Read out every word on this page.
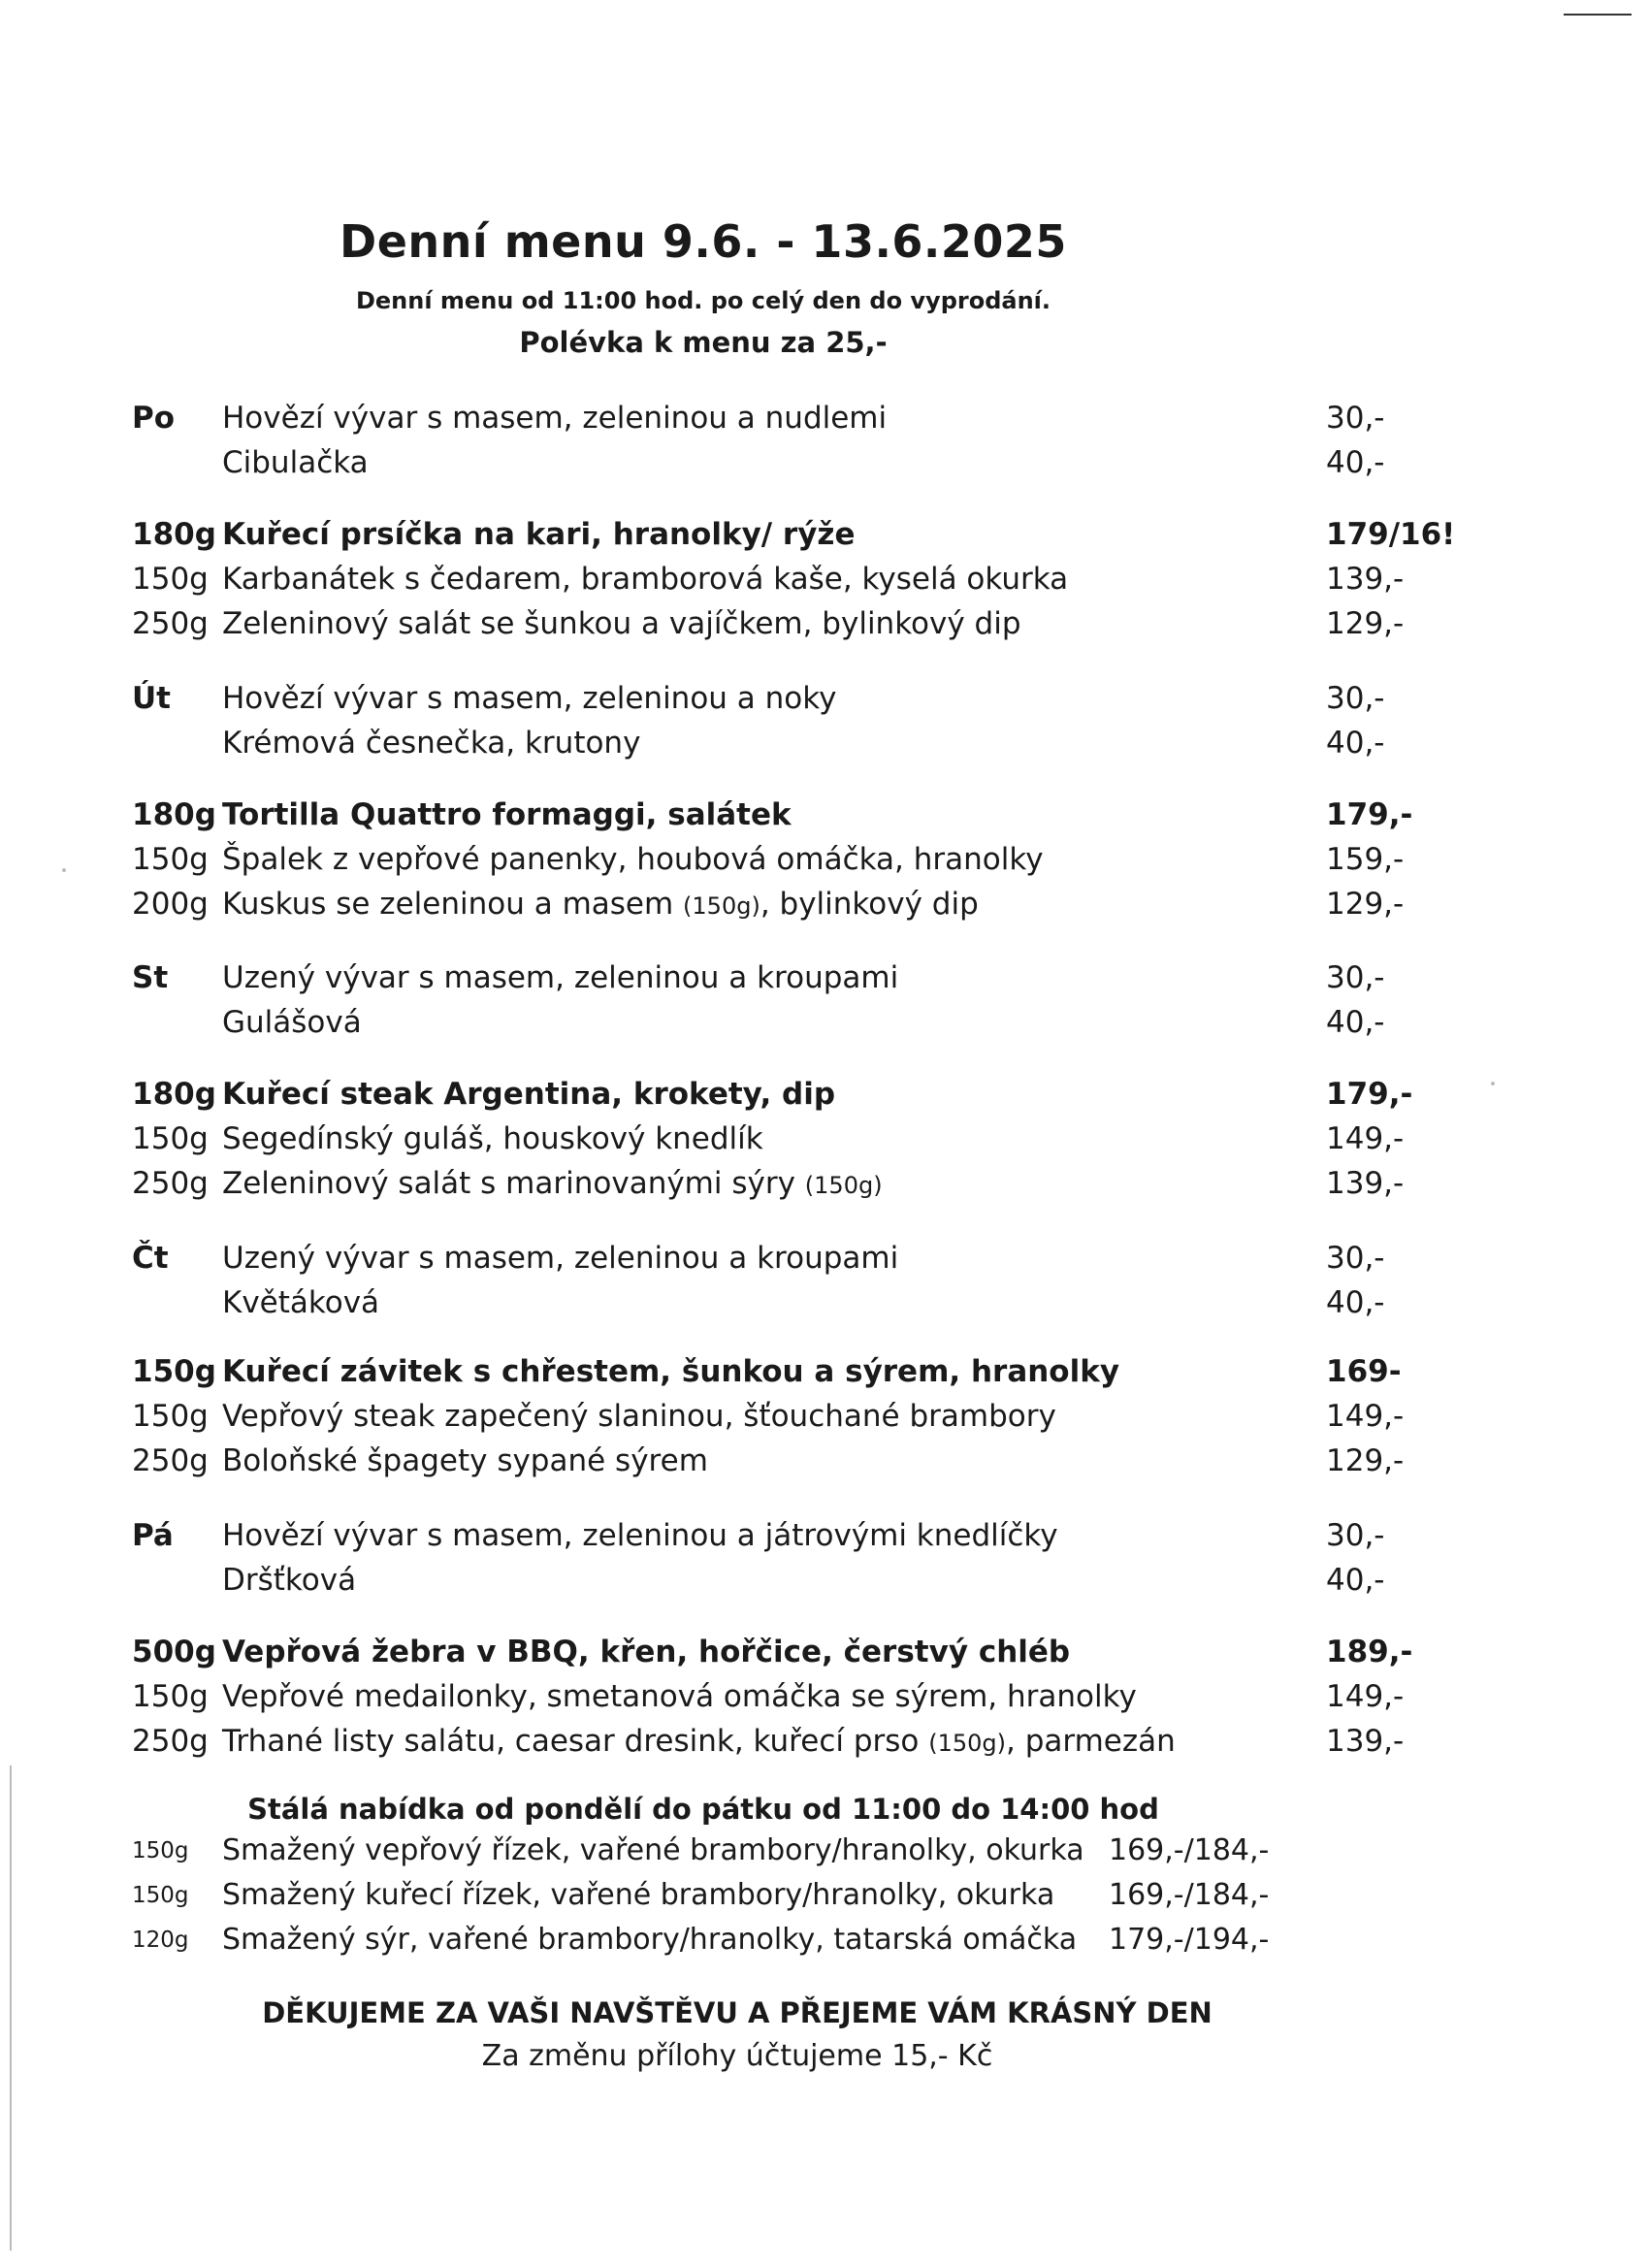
Denní menu 9.6. - 13.6.2025
Denní menu od 11:00 hod. po celý den do vyprodání.
Polévka k menu za 25,-
Po Hovězí vývar s masem, zeleninou a nudlemi	30,-
Cibulačka	40,-
180g Kuřecí prsíčka na kari, hranolky/ rýže	179/16!
150g Karbanátek s čedarem, bramborová kaše, kyselá okurka	139,-
250g Zeleninový salát se šunkou a vajíčkem, bylinkový dip	129,-
Út Hovězí vývar s masem, zeleninou a noky	30,-
Krémová česnečka, krutony	40,-
180g Tortilla Quattro formaggi, salátek	179,-
150g Špalek z vepřové panenky, houbová omáčka, hranolky	159,-
200g Kuskus se zeleninou a masem (150g), bylinkový dip	129,-
St Uzený vývar s masem, zeleninou a kroupami	30,-
Gulášová	40,-
180g Kuřecí steak Argentina, krokety, dip	179,-
150g Segedínský guláš, houskový knedlík	149,-
250g Zeleninový salát s marinovanými sýry (150g)	139,-
Čt Uzený vývar s masem, zeleninou a kroupami	30,-
Květáková	40,-
150g Kuřecí závitek s chřestem, šunkou a sýrem, hranolky	169-
150g Vepřový steak zapečený slaninou, šťouchané brambory	149,-
250g Boloňské špagety sypané sýrem	129,-
Pá Hovězí vývar s masem, zeleninou a játrovými knedlíčky	30,-
Dršťková	40,-
500g Vepřová žebra v BBQ, křen, hořčice, čerstvý chléb	189,-
150g Vepřové medailonky, smetanová omáčka se sýrem, hranolky	149,-
250g Trhané listy salátu, caesar dresink, kuřecí prso (150g), parmezán	139,-
Stálá nabídka od pondělí do pátku od 11:00 do 14:00 hod
150g Smažený vepřový řízek, vařené brambory/hranolky, okurka 169,-/184,-
150g Smažený kuřecí řízek, vařené brambory/hranolky, okurka 169,-/184,-
120g Smažený sýr, vařené brambory/hranolky, tatarská omáčka 179,-/194,-
DĚKUJEME ZA VAŠI NAVŠTĚVU A PŘEJEME VÁM KRÁSNÝ DEN
Za změnu přílohy účtujeme 15,- Kč
